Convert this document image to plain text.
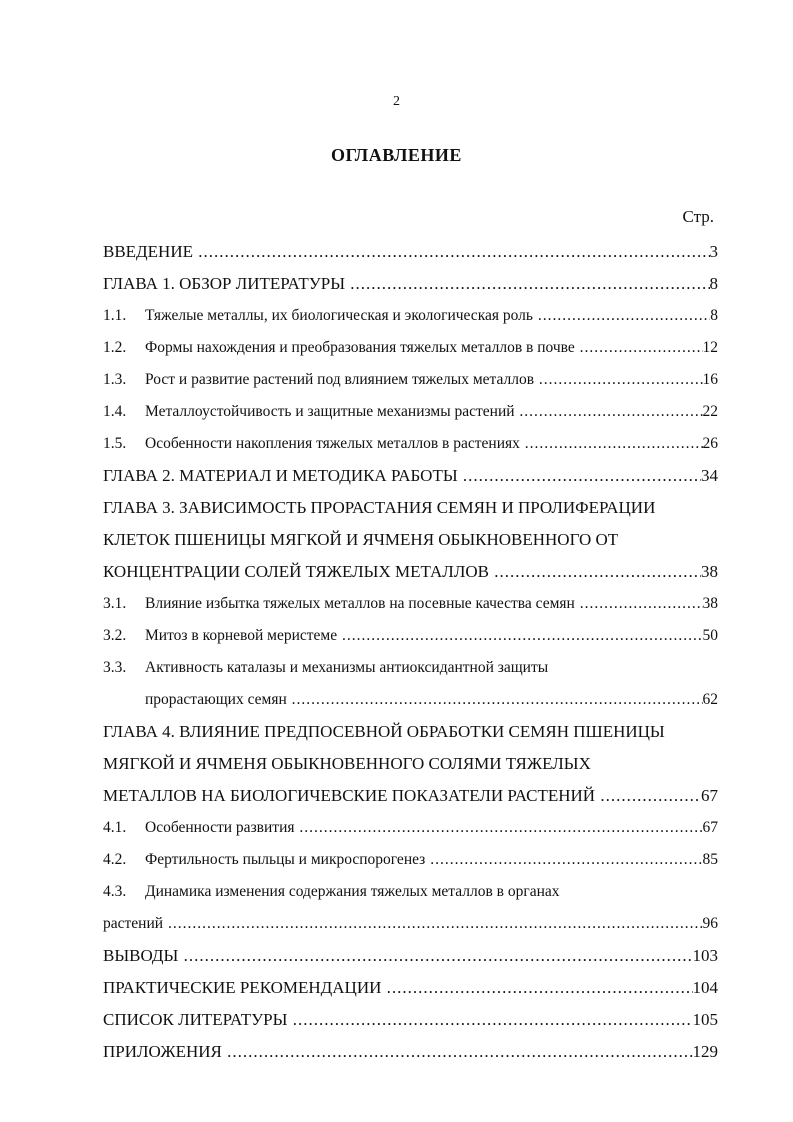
2
ОГЛАВЛЕНИЕ
Стр.
ВВЕДЕНИЕ .....	3
ГЛАВА 1. ОБЗОР ЛИТЕРАТУРЫ .....	8
1.1. Тяжелые металлы, их биологическая и экологическая роль .....	8
1.2. Формы нахождения и преобразования тяжелых металлов в почве .....	12
1.3. Рост и развитие растений под влиянием тяжелых металлов .....	16
1.4. Металлоустойчивость и защитные механизмы растений .....	22
1.5. Особенности накопления тяжелых металлов в растениях .....	26
ГЛАВА 2. МАТЕРИАЛ И МЕТОДИКА РАБОТЫ .....	34
ГЛАВА 3. ЗАВИСИМОСТЬ ПРОРАСТАНИЯ СЕМЯН И ПРОЛИФЕРАЦИИ
КЛЕТОК ПШЕНИЦЫ МЯГКОЙ И ЯЧМЕНЯ ОБЫКНОВЕННОГО ОТ
КОНЦЕНТРАЦИИ СОЛЕЙ ТЯЖЕЛЫХ МЕТАЛЛОВ .....	38
3.1. Влияние избытка тяжелых металлов на посевные качества семян .....	38
3.2. Митоз в корневой меристеме .....	50
3.3.	Активность каталазы и механизмы антиоксидантной защиты
прорастающих семян .....	62
ГЛАВА 4. ВЛИЯНИЕ ПРЕДПОСЕВНОЙ ОБРАБОТКИ СЕМЯН ПШЕНИЦЫ
МЯГКОЙ И ЯЧМЕНЯ ОБЫКНОВЕННОГО СОЛЯМИ ТЯЖЕЛЫХ
МЕТАЛЛОВ НА БИОЛОГИЧЕВСКИЕ ПОКАЗАТЕЛИ РАСТЕНИЙ .....	67
4.1. Особенности развития .....	67
4.2. Фертильность пыльцы и микроспорогенез .....	85
4.3.	Динамика изменения содержания тяжелых металлов в органах
растений .....	96
ВЫВОДЫ .....	103
ПРАКТИЧЕСКИЕ РЕКОМЕНДАЦИИ .....	104
СПИСОК ЛИТЕРАТУРЫ .....	105
ПРИЛОЖЕНИЯ .....	129
